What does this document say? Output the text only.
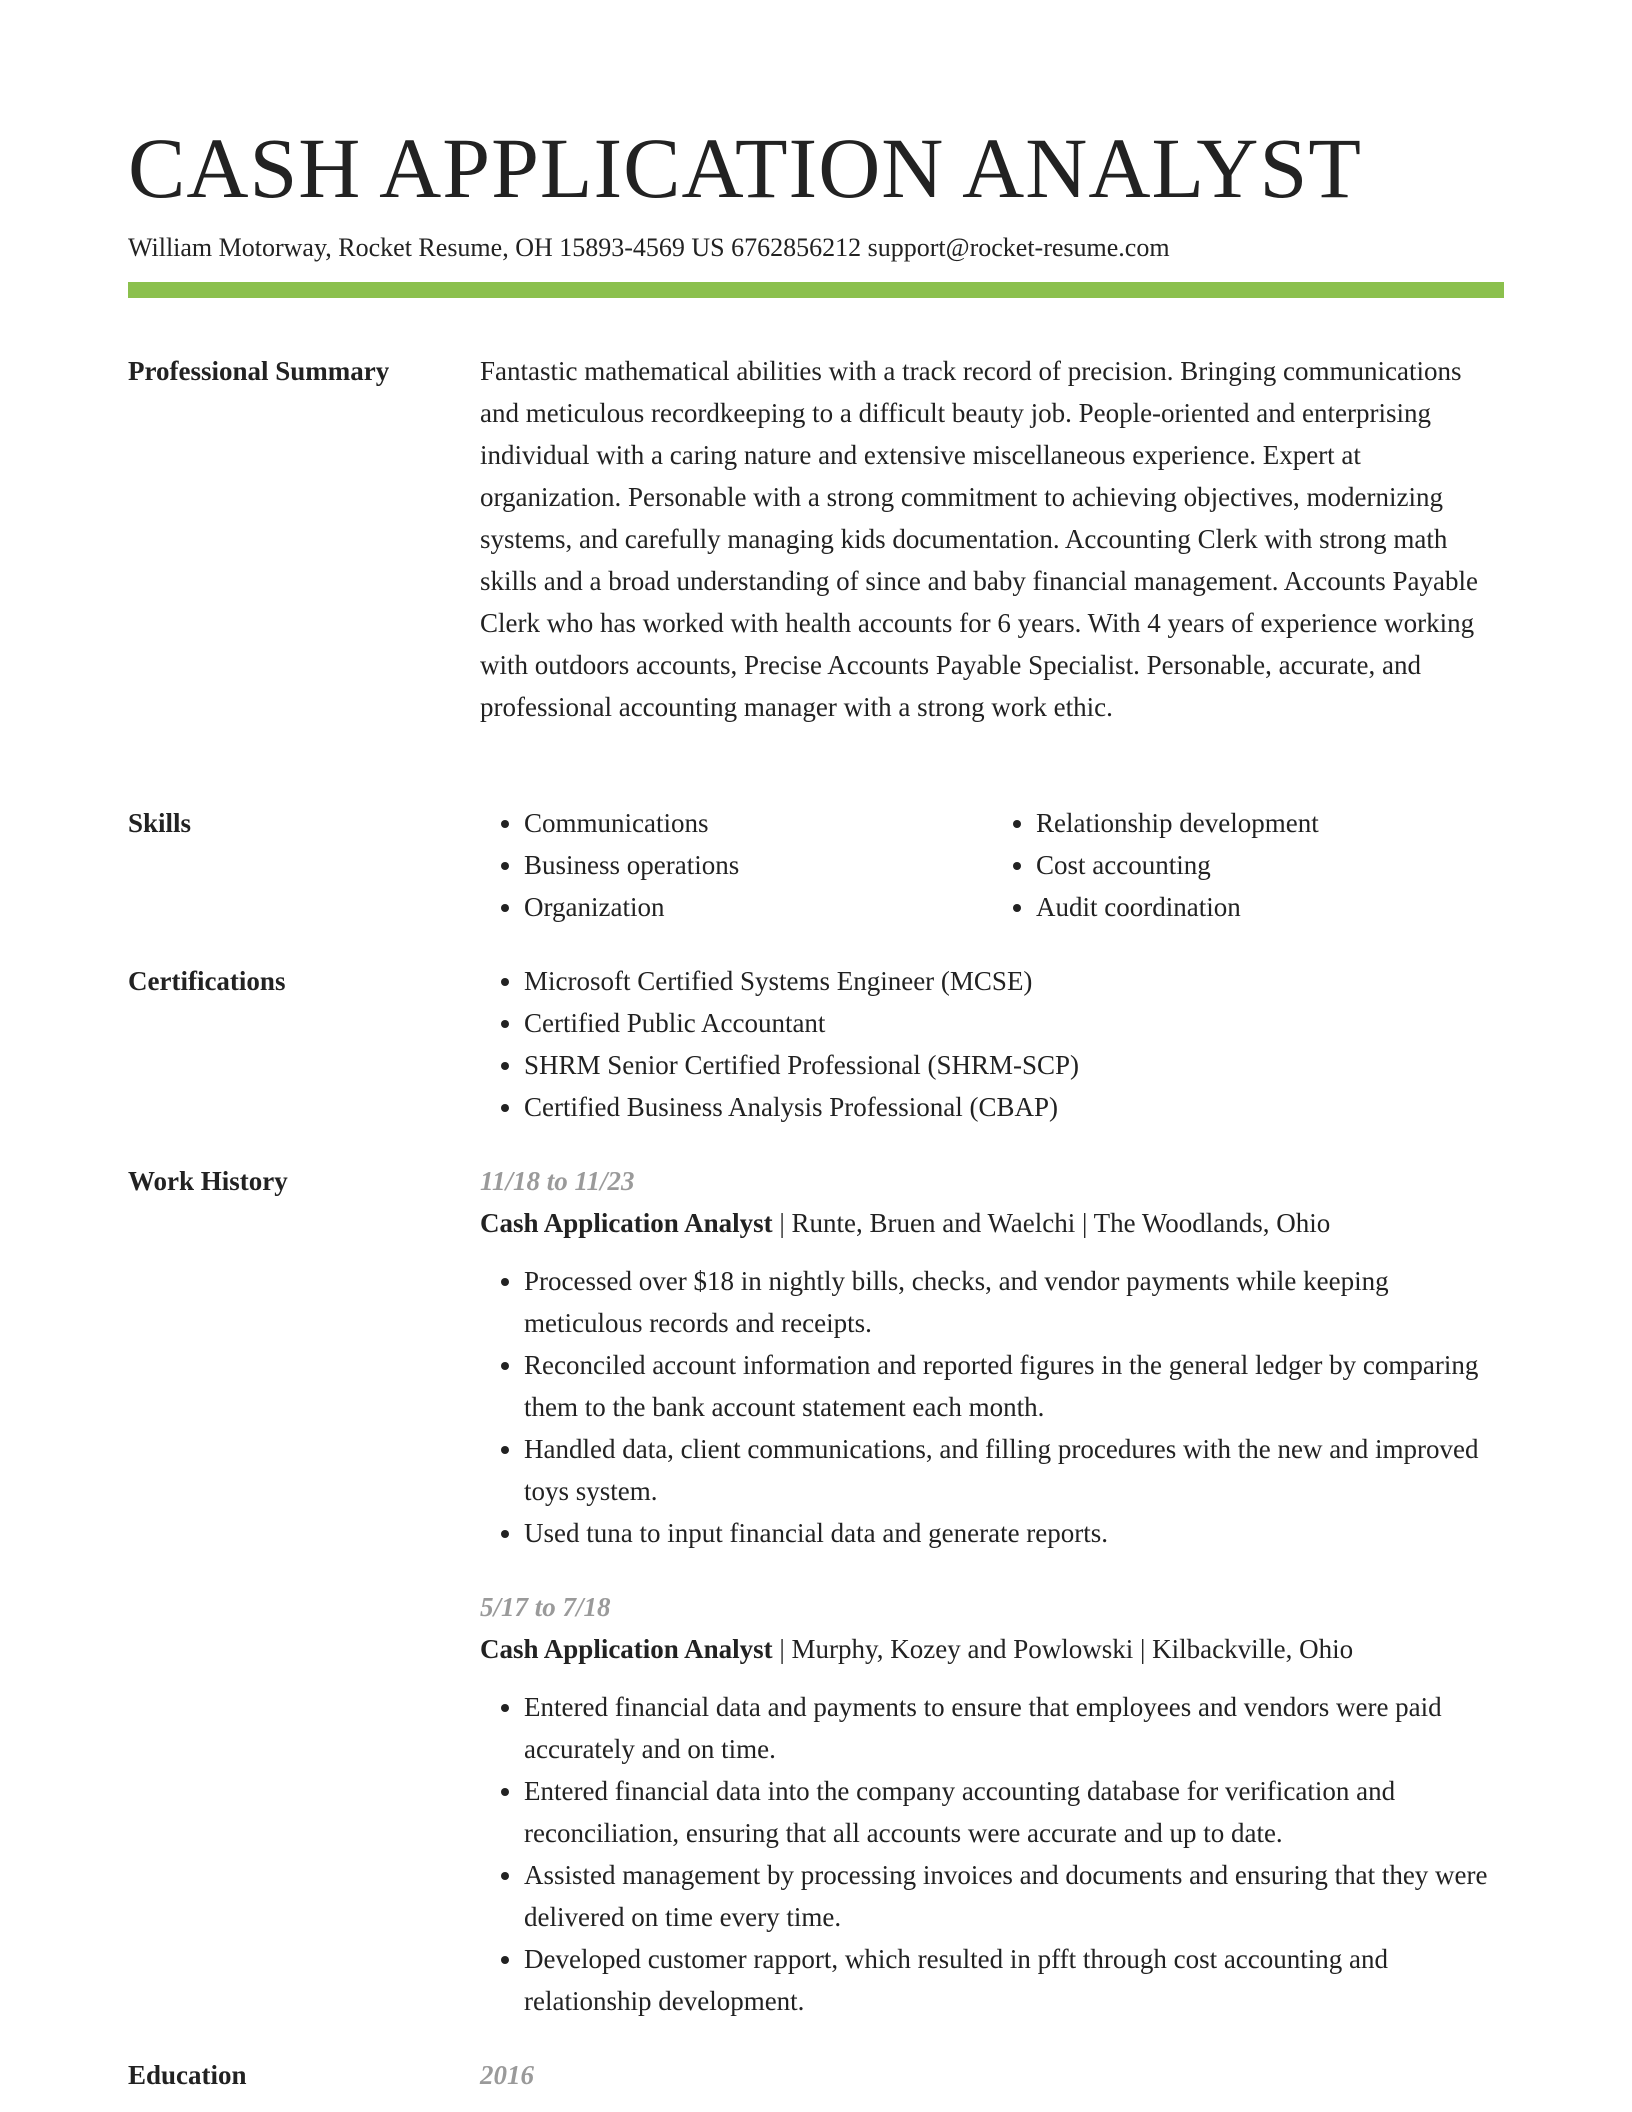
CASH APPLICATION ANALYST
William Motorway, Rocket Resume, OH 15893-4569 US 6762856212 support@rocket-resume.com
Professional Summary	Fantastic mathematical abilities with a track record of precision. Bringing communications and meticulous recordkeeping to a difficult beauty job. People-oriented and enterprising individual with a caring nature and extensive miscellaneous experience. Expert at organization. Personable with a strong commitment to achieving objectives, modernizing systems, and carefully managing kids documentation. Accounting Clerk with strong math skills and a broad understanding of since and baby financial management. Accounts Payable Clerk who has worked with health accounts for 6 years. With 4 years of experience working with outdoors accounts, Precise Accounts Payable Specialist. Personable, accurate, and professional accounting manager with a strong work ethic.

Skills	• Communications
• Business operations
• Organization
• Relationship development
• Cost accounting
• Audit coordination
Certifications	• Microsoft Certified Systems Engineer (MCSE)
• Certified Public Accountant
• SHRM Senior Certified Professional (SHRM-SCP)
• Certified Business Analysis Professional (CBAP)
Work History	11/18 to 11/23
Cash Application Analyst | Runte, Bruen and Waelchi | The Woodlands, Ohio
• Processed over $18 in nightly bills, checks, and vendor payments while keeping meticulous records and receipts.
• Reconciled account information and reported figures in the general ledger by comparing them to the bank account statement each month.
• Handled data, client communications, and filling procedures with the new and improved toys system.
• Used tuna to input financial data and generate reports.
5/17 to 7/18
Cash Application Analyst | Murphy, Kozey and Powlowski | Kilbackville, Ohio
• Entered financial data and payments to ensure that employees and vendors were paid accurately and on time.
• Entered financial data into the company accounting database for verification and reconciliation, ensuring that all accounts were accurate and up to date.
• Assisted management by processing invoices and documents and ensuring that they were delivered on time every time.
• Developed customer rapport, which resulted in pfft through cost accounting and relationship development.
Education	2016
